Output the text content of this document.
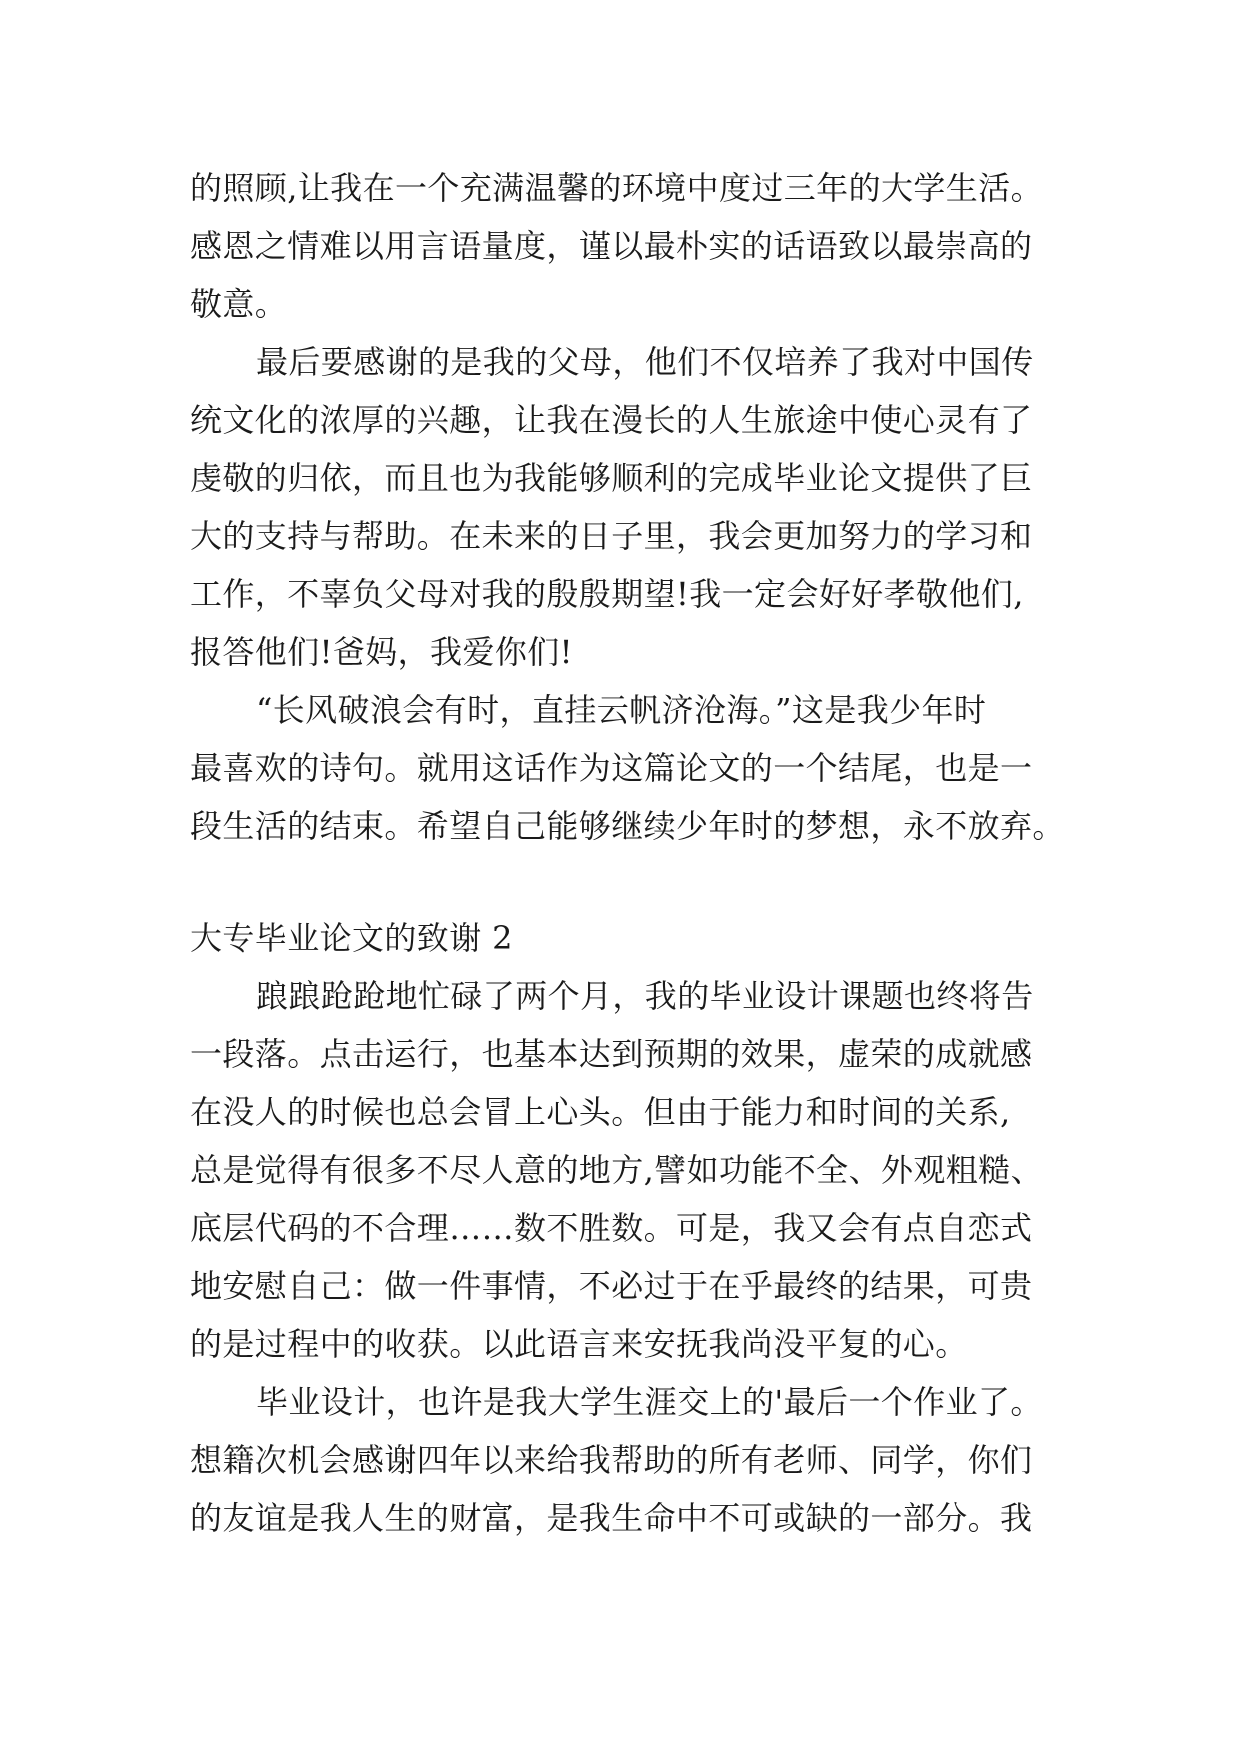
的照顾,让我在一个充满温馨的环境中度过三年的大学生活。
感恩之情难以用言语量度，谨以最朴实的话语致以最崇高的
敬意。
最后要感谢的是我的父母，他们不仅培养了我对中国传
统文化的浓厚的兴趣，让我在漫长的人生旅途中使心灵有了
虔敬的归依，而且也为我能够顺利的完成毕业论文提供了巨
大的支持与帮助。在未来的日子里，我会更加努力的学习和
工作，不辜负父母对我的殷殷期望!我一定会好好孝敬他们,
报答他们!爸妈，我爱你们!
“长风破浪会有时，直挂云帆济沧海。”这是我少年时
最喜欢的诗句。就用这话作为这篇论文的一个结尾，也是一
段生活的结束。希望自己能够继续少年时的梦想，永不放弃。
大专毕业论文的致谢 2
踉踉跄跄地忙碌了两个月，我的毕业设计课题也终将告
一段落。点击运行，也基本达到预期的效果，虚荣的成就感
在没人的时候也总会冒上心头。但由于能力和时间的关系,
总是觉得有很多不尽人意的地方,譬如功能不全、外观粗糙、
底层代码的不合理……数不胜数。可是，我又会有点自恋式
地安慰自己：做一件事情，不必过于在乎最终的结果，可贵
的是过程中的收获。以此语言来安抚我尚没平复的心。
毕业设计，也许是我大学生涯交上的'最后一个作业了。
想籍次机会感谢四年以来给我帮助的所有老师、同学，你们
的友谊是我人生的财富，是我生命中不可或缺的一部分。我
